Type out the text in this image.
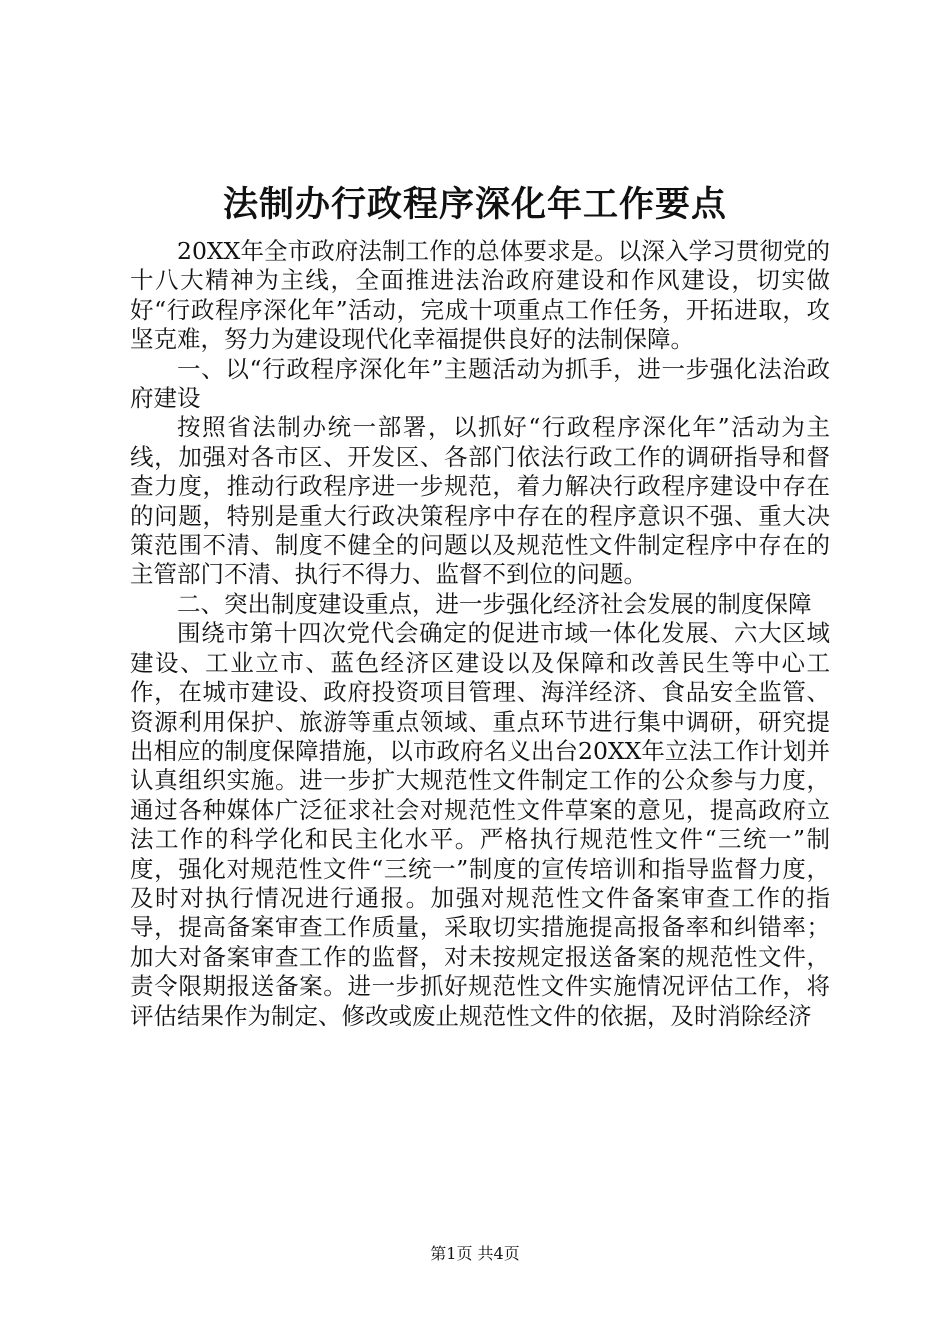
法制办行政程序深化年工作要点

20XX年全市政府法制工作的总体要求是。以深入学习贯彻党的十八大精神为主线，全面推进法治政府建设和作风建设，切实做好“行政程序深化年”活动，完成十项重点工作任务，开拓进取，攻坚克难，努力为建设现代化幸福提供良好的法制保障。

一、以“行政程序深化年”主题活动为抓手，进一步强化法治政府建设

按照省法制办统一部署，以抓好“行政程序深化年”活动为主线，加强对各市区、开发区、各部门依法行政工作的调研指导和督查力度，推动行政程序进一步规范，着力解决行政程序建设中存在的问题，特别是重大行政决策程序中存在的程序意识不强、重大决策范围不清、制度不健全的问题以及规范性文件制定程序中存在的主管部门不清、执行不得力、监督不到位的问题。

二、突出制度建设重点，进一步强化经济社会发展的制度保障

围绕市第十四次党代会确定的促进市域一体化发展、六大区域建设、工业立市、蓝色经济区建设以及保障和改善民生等中心工作，在城市建设、政府投资项目管理、海洋经济、食品安全监管、资源利用保护、旅游等重点领域、重点环节进行集中调研，研究提出相应的制度保障措施，以市政府名义出台20XX年立法工作计划并认真组织实施。进一步扩大规范性文件制定工作的公众参与力度，通过各种媒体广泛征求社会对规范性文件草案的意见，提高政府立法工作的科学化和民主化水平。严格执行规范性文件“三统一”制度，强化对规范性文件“三统一”制度的宣传培训和指导监督力度，及时对执行情况进行通报。加强对规范性文件备案审查工作的指导，提高备案审查工作质量，采取切实措施提高报备率和纠错率；加大对备案审查工作的监督，对未按规定报送备案的规范性文件，责令限期报送备案。进一步抓好规范性文件实施情况评估工作，将评估结果作为制定、修改或废止规范性文件的依据，及时消除经济

第1页 共4页
